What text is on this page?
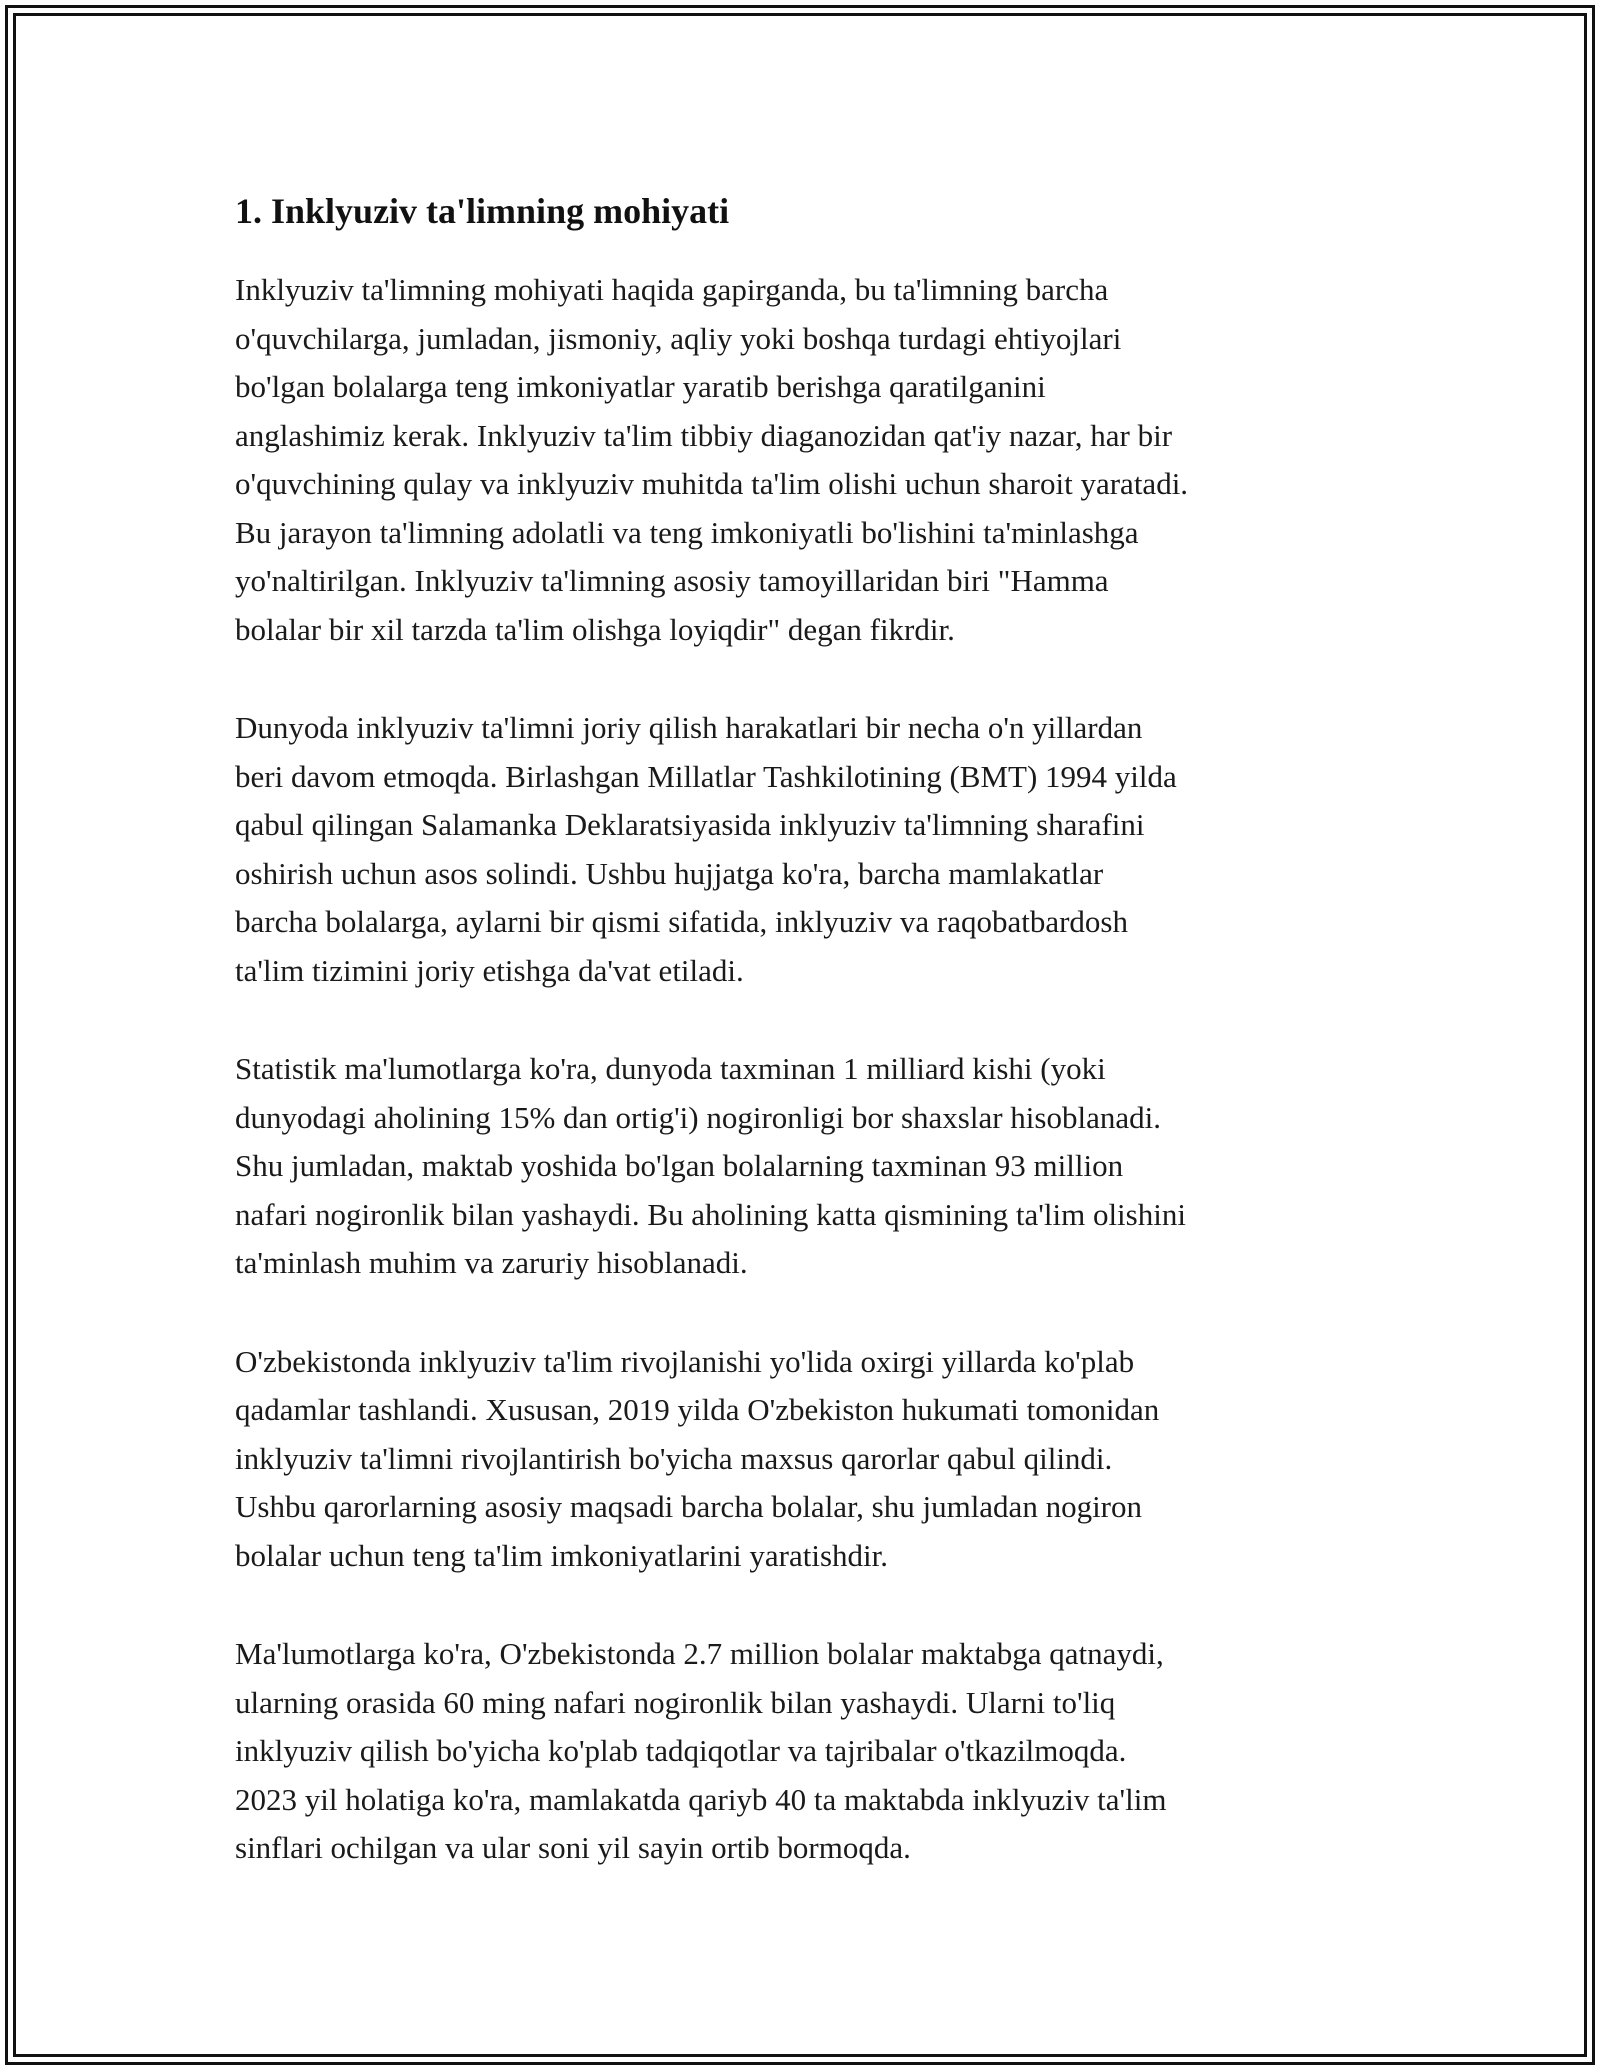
1. Inklyuziv ta'limning mohiyati

Inklyuziv ta'limning mohiyati haqida gapirganda, bu ta'limning barcha
o'quvchilarga, jumladan, jismoniy, aqliy yoki boshqa turdagi ehtiyojlari
bo'lgan bolalarga teng imkoniyatlar yaratib berishga qaratilganini
anglashimiz kerak. Inklyuziv ta'lim tibbiy diaganozidan qat'iy nazar, har bir
o'quvchining qulay va inklyuziv muhitda ta'lim olishi uchun sharoit yaratadi.
Bu jarayon ta'limning adolatli va teng imkoniyatli bo'lishini ta'minlashga
yo'naltirilgan. Inklyuziv ta'limning asosiy tamoyillaridan biri "Hamma
bolalar bir xil tarzda ta'lim olishga loyiqdir" degan fikrdir.

Dunyoda inklyuziv ta'limni joriy qilish harakatlari bir necha o'n yillardan
beri davom etmoqda. Birlashgan Millatlar Tashkilotining (BMT) 1994 yilda
qabul qilingan Salamanka Deklaratsiyasida inklyuziv ta'limning sharafini
oshirish uchun asos solindi. Ushbu hujjatga ko'ra, barcha mamlakatlar
barcha bolalarga, aylarni bir qismi sifatida, inklyuziv va raqobatbardosh
ta'lim tizimini joriy etishga da'vat etiladi.

Statistik ma'lumotlarga ko'ra, dunyoda taxminan 1 milliard kishi (yoki
dunyodagi aholining 15% dan ortig'i) nogironligi bor shaxslar hisoblanadi.
Shu jumladan, maktab yoshida bo'lgan bolalarning taxminan 93 million
nafari nogironlik bilan yashaydi. Bu aholining katta qismining ta'lim olishini
ta'minlash muhim va zaruriy hisoblanadi.

O'zbekistonda inklyuziv ta'lim rivojlanishi yo'lida oxirgi yillarda ko'plab
qadamlar tashlandi. Xususan, 2019 yilda O'zbekiston hukumati tomonidan
inklyuziv ta'limni rivojlantirish bo'yicha maxsus qarorlar qabul qilindi.
Ushbu qarorlarning asosiy maqsadi barcha bolalar, shu jumladan nogiron
bolalar uchun teng ta'lim imkoniyatlarini yaratishdir.

Ma'lumotlarga ko'ra, O'zbekistonda 2.7 million bolalar maktabga qatnaydi,
ularning orasida 60 ming nafari nogironlik bilan yashaydi. Ularni to'liq
inklyuziv qilish bo'yicha ko'plab tadqiqotlar va tajribalar o'tkazilmoqda.
2023 yil holatiga ko'ra, mamlakatda qariyb 40 ta maktabda inklyuziv ta'lim
sinflari ochilgan va ular soni yil sayin ortib bormoqda.
